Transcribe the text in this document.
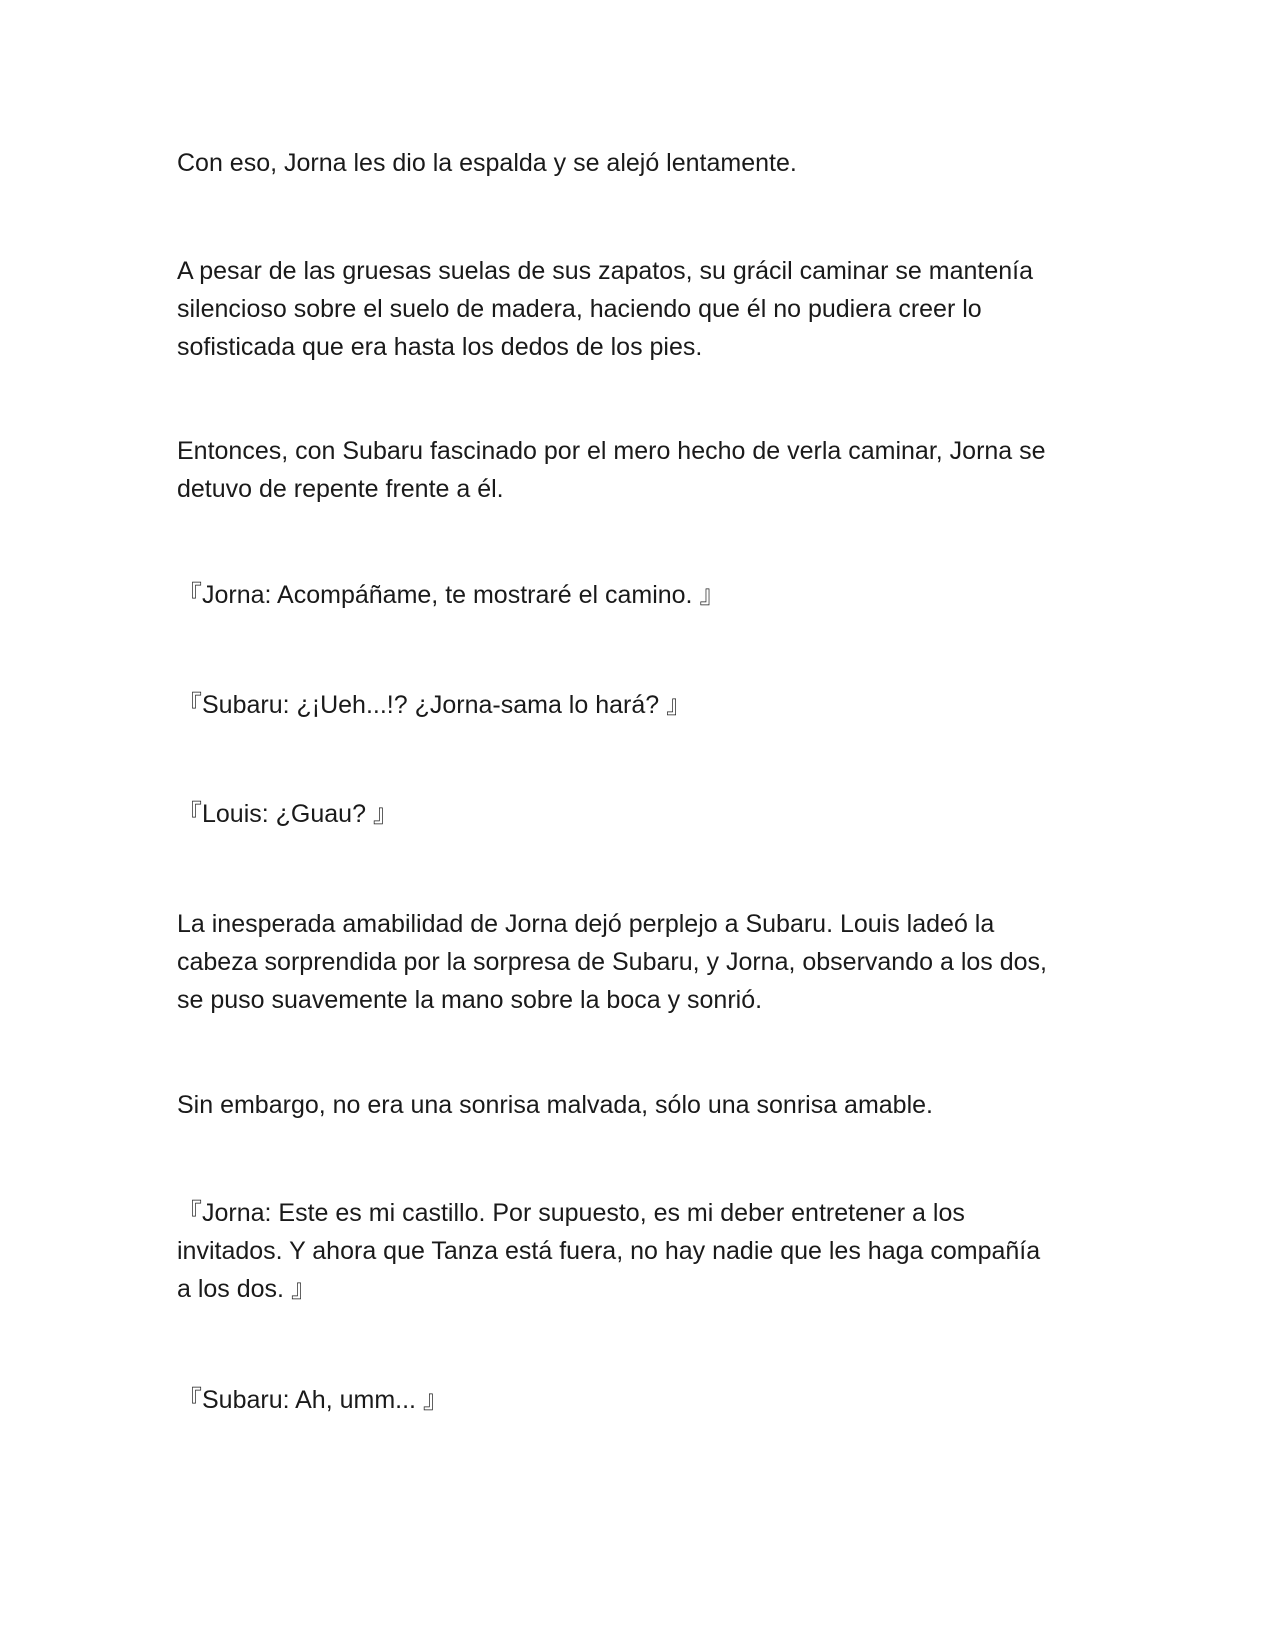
Con eso, Jorna les dio la espalda y se alejó lentamente.

A pesar de las gruesas suelas de sus zapatos, su grácil caminar se mantenía
silencioso sobre el suelo de madera, haciendo que él no pudiera creer lo
sofisticada que era hasta los dedos de los pies.

Entonces, con Subaru fascinado por el mero hecho de verla caminar, Jorna se
detuvo de repente frente a él.

『Jorna: Acompáñame, te mostraré el camino. 』

『Subaru: ¿¡Ueh...!? ¿Jorna-sama lo hará? 』

『Louis: ¿Guau? 』

La inesperada amabilidad de Jorna dejó perplejo a Subaru. Louis ladeó la
cabeza sorprendida por la sorpresa de Subaru, y Jorna, observando a los dos,
se puso suavemente la mano sobre la boca y sonrió.

Sin embargo, no era una sonrisa malvada, sólo una sonrisa amable.

『Jorna: Este es mi castillo. Por supuesto, es mi deber entretener a los
invitados. Y ahora que Tanza está fuera, no hay nadie que les haga compañía
a los dos. 』

『Subaru: Ah, umm... 』
